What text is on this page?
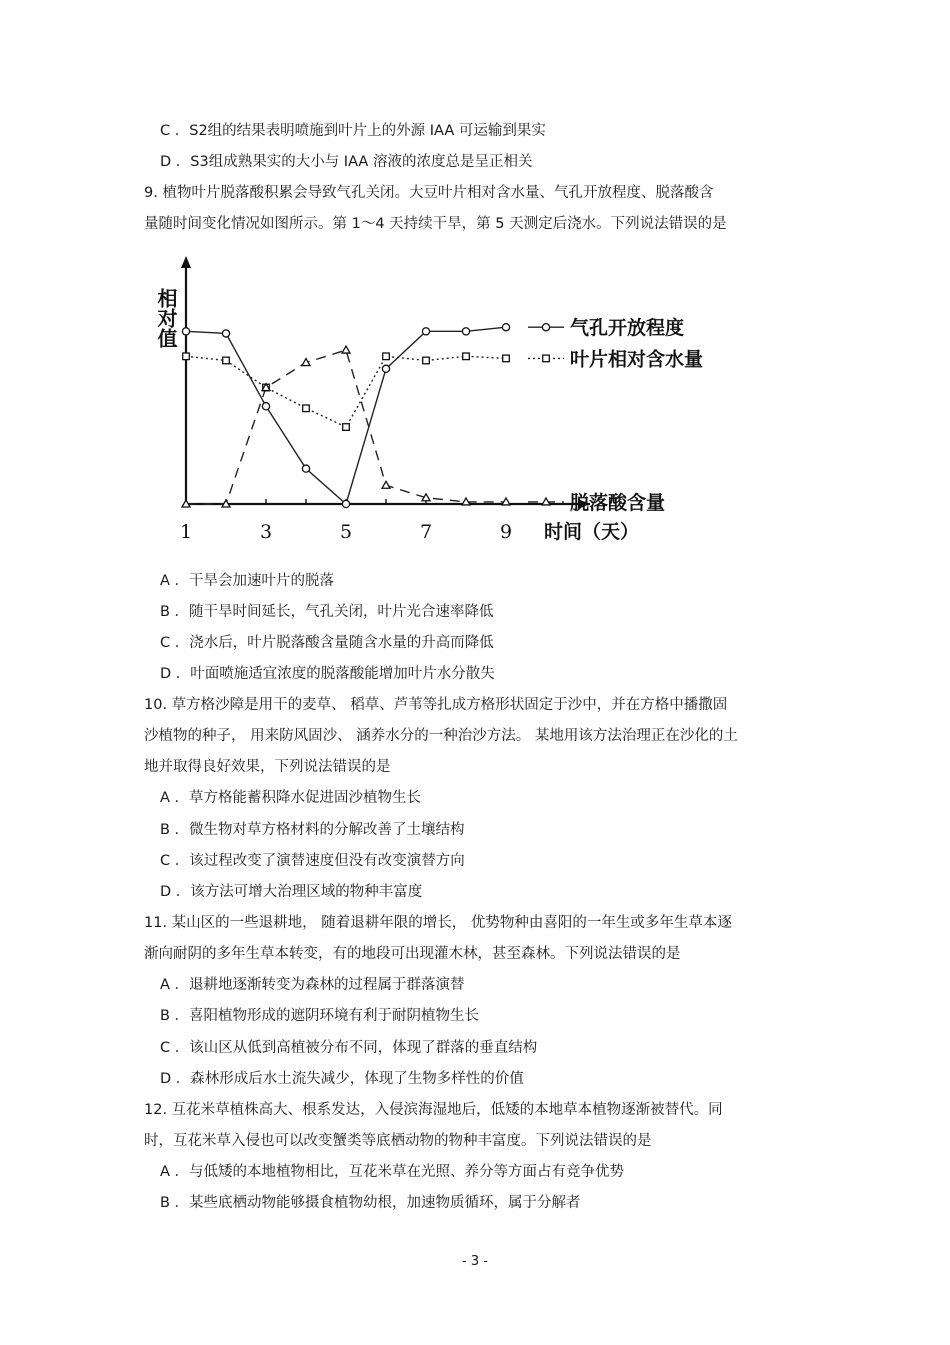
C ．S2组的结果表明喷施到叶片上的外源 IAA 可运输到果实
D ．S3组成熟果实的大小与 IAA 溶液的浓度总是呈正相关
9. 植物叶片脱落酸积累会导致气孔关闭。大豆叶片相对含水量、气孔开放程度、脱落酸含
量随时间变化情况如图所示。第 1～4 天持续干旱，第 5 天测定后浇水。下列说法错误的是
1	3	5	7	9
相对值
时间（天）
气孔开放程度
叶片相对含水量
脱落酸含量
A ．干旱会加速叶片的脱落
B ．随干旱时间延长，气孔关闭，叶片光合速率降低
C ．浇水后，叶片脱落酸含量随含水量的升高而降低
D ．叶面喷施适宜浓度的脱落酸能增加叶片水分散失
10. 草方格沙障是用干的麦草、 稻草、芦苇等扎成方格形状固定于沙中，并在方格中播撒固
沙植物的种子， 用来防风固沙、 涵养水分的一种治沙方法。 某地用该方法治理正在沙化的土
地并取得良好效果，下列说法错误的是
A ．草方格能蓄积降水促进固沙植物生长
B ．微生物对草方格材料的分解改善了土壤结构
C ．该过程改变了演替速度但没有改变演替方向
D ．该方法可增大治理区域的物种丰富度
11. 某山区的一些退耕地， 随着退耕年限的增长， 优势物种由喜阳的一年生或多年生草本逐
渐向耐阴的多年生草本转变，有的地段可出现灌木林，甚至森林。下列说法错误的是
A ．退耕地逐渐转变为森林的过程属于群落演替
B ．喜阳植物形成的遮阴环境有利于耐阴植物生长
C ．该山区从低到高植被分布不同，体现了群落的垂直结构
D ．森林形成后水土流失减少，体现了生物多样性的价值
12. 互花米草植株高大、根系发达，入侵滨海湿地后，低矮的本地草本植物逐渐被替代。同
时，互花米草入侵也可以改变蟹类等底栖动物的物种丰富度。下列说法错误的是
A ．与低矮的本地植物相比，互花米草在光照、养分等方面占有竞争优势
B ．某些底栖动物能够摄食植物幼根，加速物质循环，属于分解者
- 3 -
